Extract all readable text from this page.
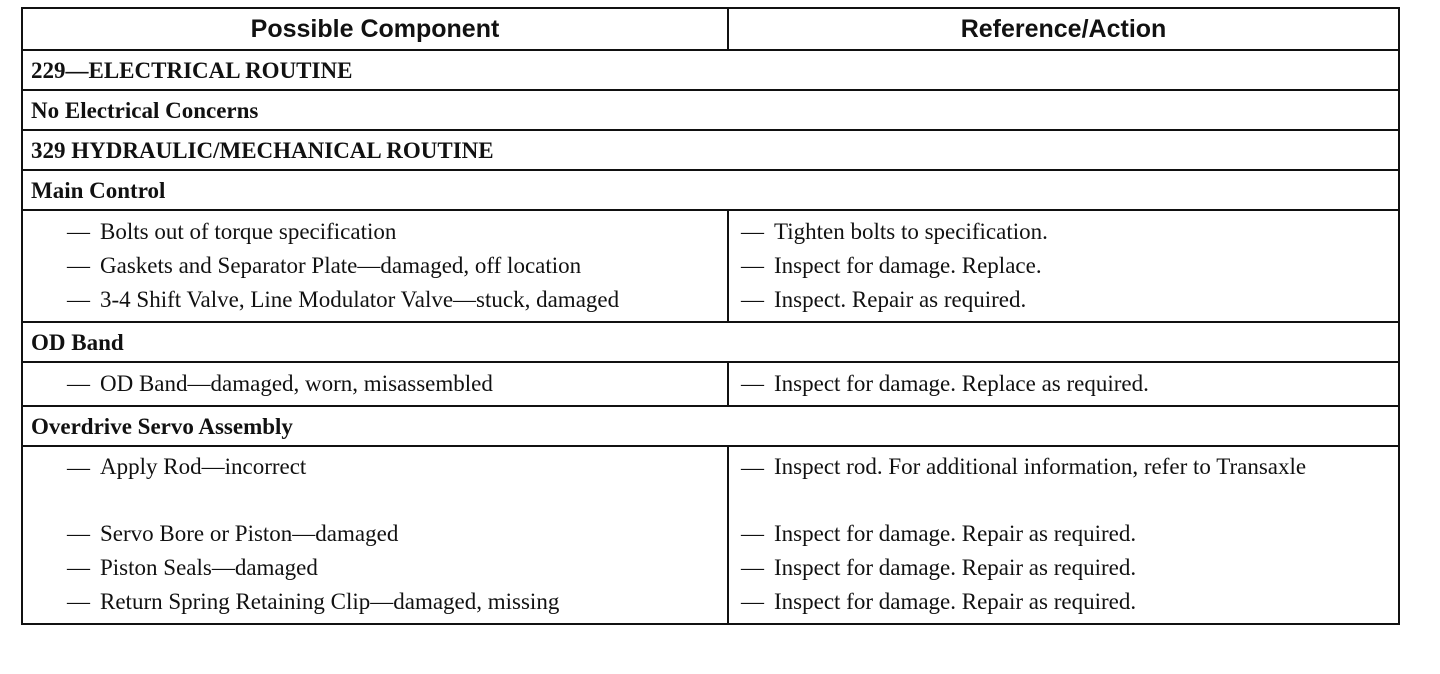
Possible Component	Reference/Action
229—ELECTRICAL ROUTINE
No Electrical Concerns
329 HYDRAULIC/MECHANICAL ROUTINE
Main Control
— Bolts out of torque specification
— Gaskets and Separator Plate—damaged, off location
— 3-4 Shift Valve, Line Modulator Valve—stuck, damaged
— Tighten bolts to specification.
— Inspect for damage. Replace.
— Inspect. Repair as required.
OD Band
— OD Band—damaged, worn, misassembled	— Inspect for damage. Replace as required.
Overdrive Servo Assembly
— Apply Rod—incorrect
— Servo Bore or Piston—damaged
— Piston Seals—damaged
— Return Spring Retaining Clip—damaged, missing
— Inspect rod. For additional information, refer to Transaxle
— Inspect for damage. Repair as required.
— Inspect for damage. Repair as required.
— Inspect for damage. Repair as required.
